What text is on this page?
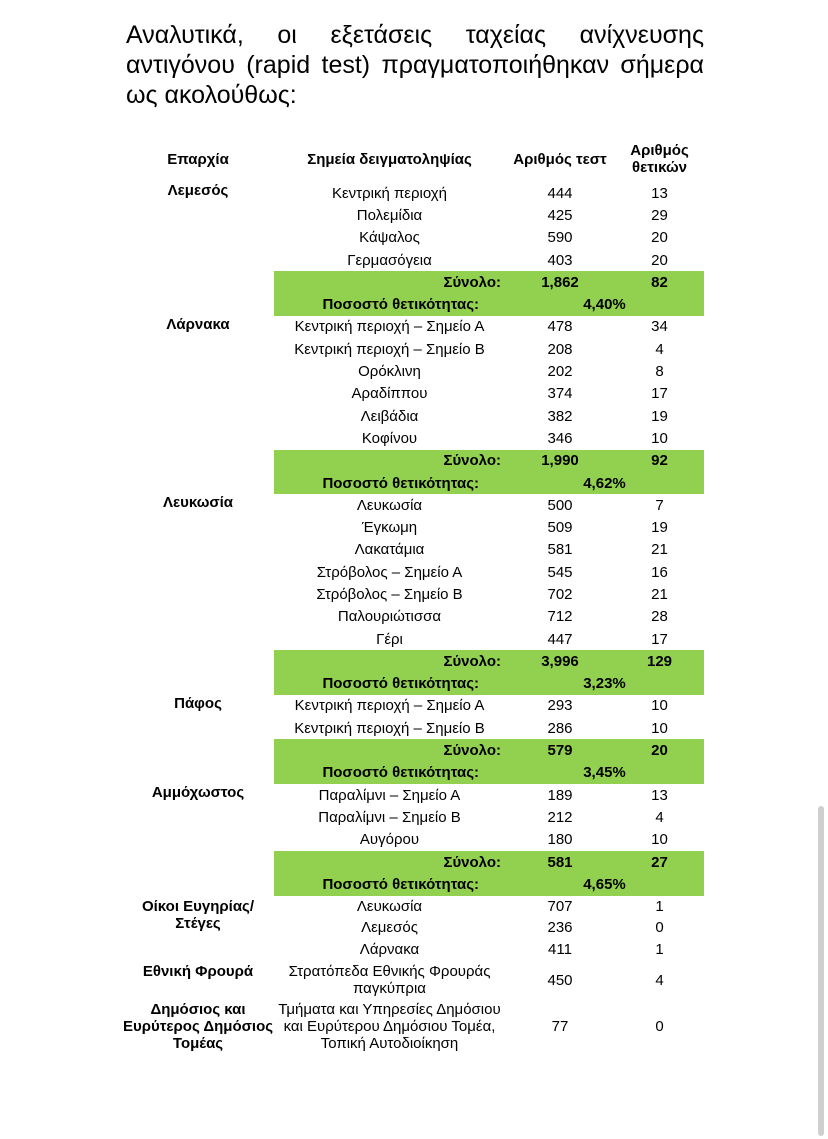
Αναλυτικά, οι εξετάσεις ταχείας ανίχνευσης αντιγόνου (rapid test) πραγματοποιήθηκαν σήμερα ως ακολούθως:
Επαρχία	Σημεία δειγματοληψίας	Αριθμός τεστ	Αριθμός θετικών
Λεμεσός	Κεντρική περιοχή	444	13
	Πολεμίδια	425	29
	Κάψαλος	590	20
	Γερμασόγεια	403	20
	Σύνολο:	1,862	82
	Ποσοστό θετικότητας:	4,40%	
Λάρνακα	Κεντρική περιοχή – Σημείο Α	478	34
	Κεντρική περιοχή – Σημείο Β	208	4
	Ορόκλινη	202	8
	Αραδίππου	374	17
	Λειβάδια	382	19
	Κοφίνου	346	10
	Σύνολο:	1,990	92
	Ποσοστό θετικότητας:	4,62%	
Λευκωσία	Λευκωσία	500	7
	Έγκωμη	509	19
	Λακατάμια	581	21
	Στρόβολος – Σημείο Α	545	16
	Στρόβολος – Σημείο Β	702	21
	Παλουριώτισσα	712	28
	Γέρι	447	17
	Σύνολο:	3,996	129
	Ποσοστό θετικότητας:	3,23%	
Πάφος	Κεντρική περιοχή – Σημείο Α	293	10
	Κεντρική περιοχή – Σημείο Β	286	10
	Σύνολο:	579	20
	Ποσοστό θετικότητας:	3,45%	
Αμμόχωστος	Παραλίμνι – Σημείο Α	189	13
	Παραλίμνι – Σημείο Β	212	4
	Αυγόρου	180	10
	Σύνολο:	581	27
	Ποσοστό θετικότητας:	4,65%	
Οίκοι Ευγηρίας/ Στέγες	Λευκωσία	707	1
	Λεμεσός	236	0
	Λάρνακα	411	1
Εθνική Φρουρά	Στρατόπεδα Εθνικής Φρουράς παγκύπρια	450	4
Δημόσιος και Ευρύτερος Δημόσιος Τομέας	Τμήματα και Υπηρεσίες Δημόσιου και Ευρύτερου Δημόσιου Τομέα, Τοπική Αυτοδιοίκηση	77	0
